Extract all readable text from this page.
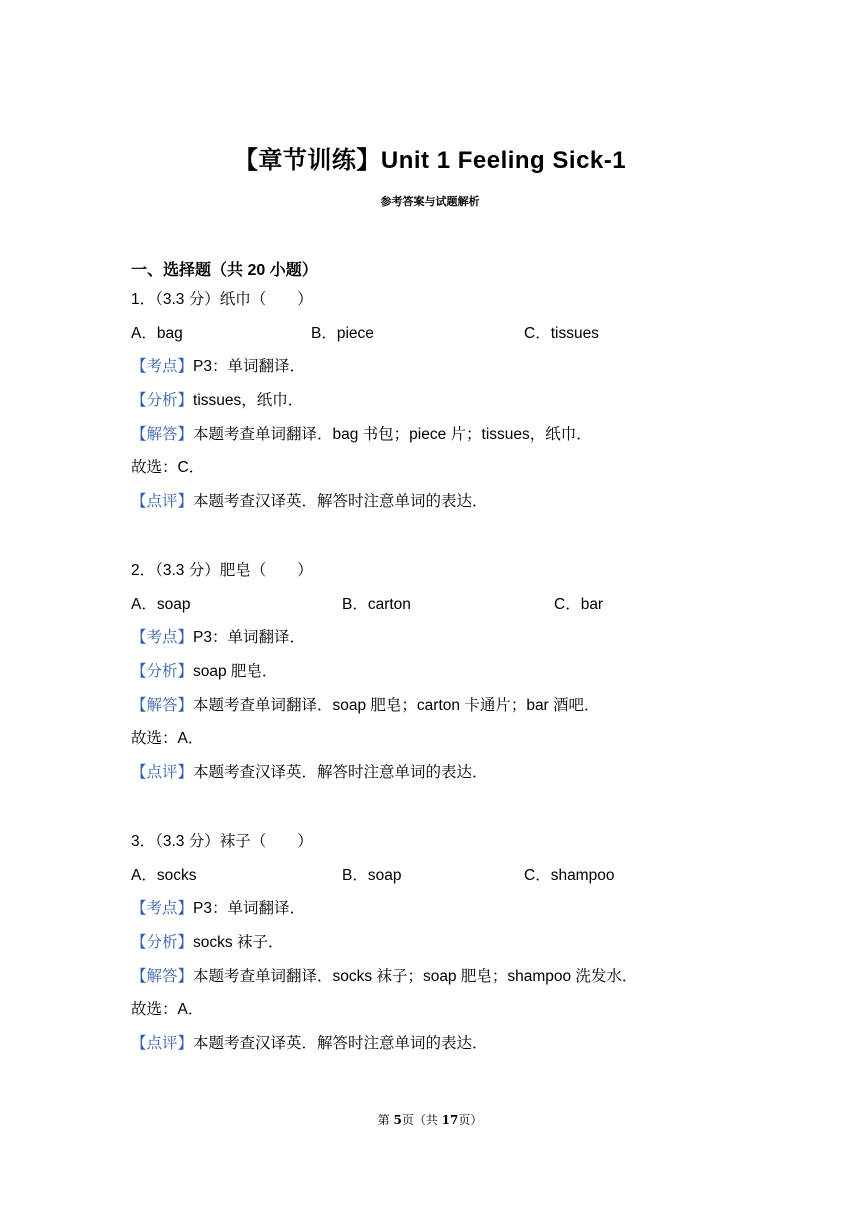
【章节训练】Unit 1 Feeling Sick-1
参考答案与试题解析
一、选择题（共 20 小题）
1．（3.3 分）纸巾（　　）
A．bag	B．piece	C．tissues
【考点】P3：单词翻译．
【分析】tissues，纸巾．
【解答】本题考查单词翻译．bag 书包；piece 片；tissues，纸巾．
故选：C．
【点评】本题考查汉译英．解答时注意单词的表达．
2．（3.3 分）肥皂（　　）
A．soap	B．carton	C．bar
【考点】P3：单词翻译．
【分析】soap 肥皂．
【解答】本题考查单词翻译．soap 肥皂；carton 卡通片；bar 酒吧．
故选：A．
【点评】本题考查汉译英．解答时注意单词的表达．
3．（3.3 分）袜子（　　）
A．socks	B．soap	C．shampoo
【考点】P3：单词翻译．
【分析】socks 袜子．
【解答】本题考查单词翻译．socks 袜子；soap 肥皂；shampoo 洗发水．
故选：A．
【点评】本题考查汉译英．解答时注意单词的表达．
第 5页（共 17页）
